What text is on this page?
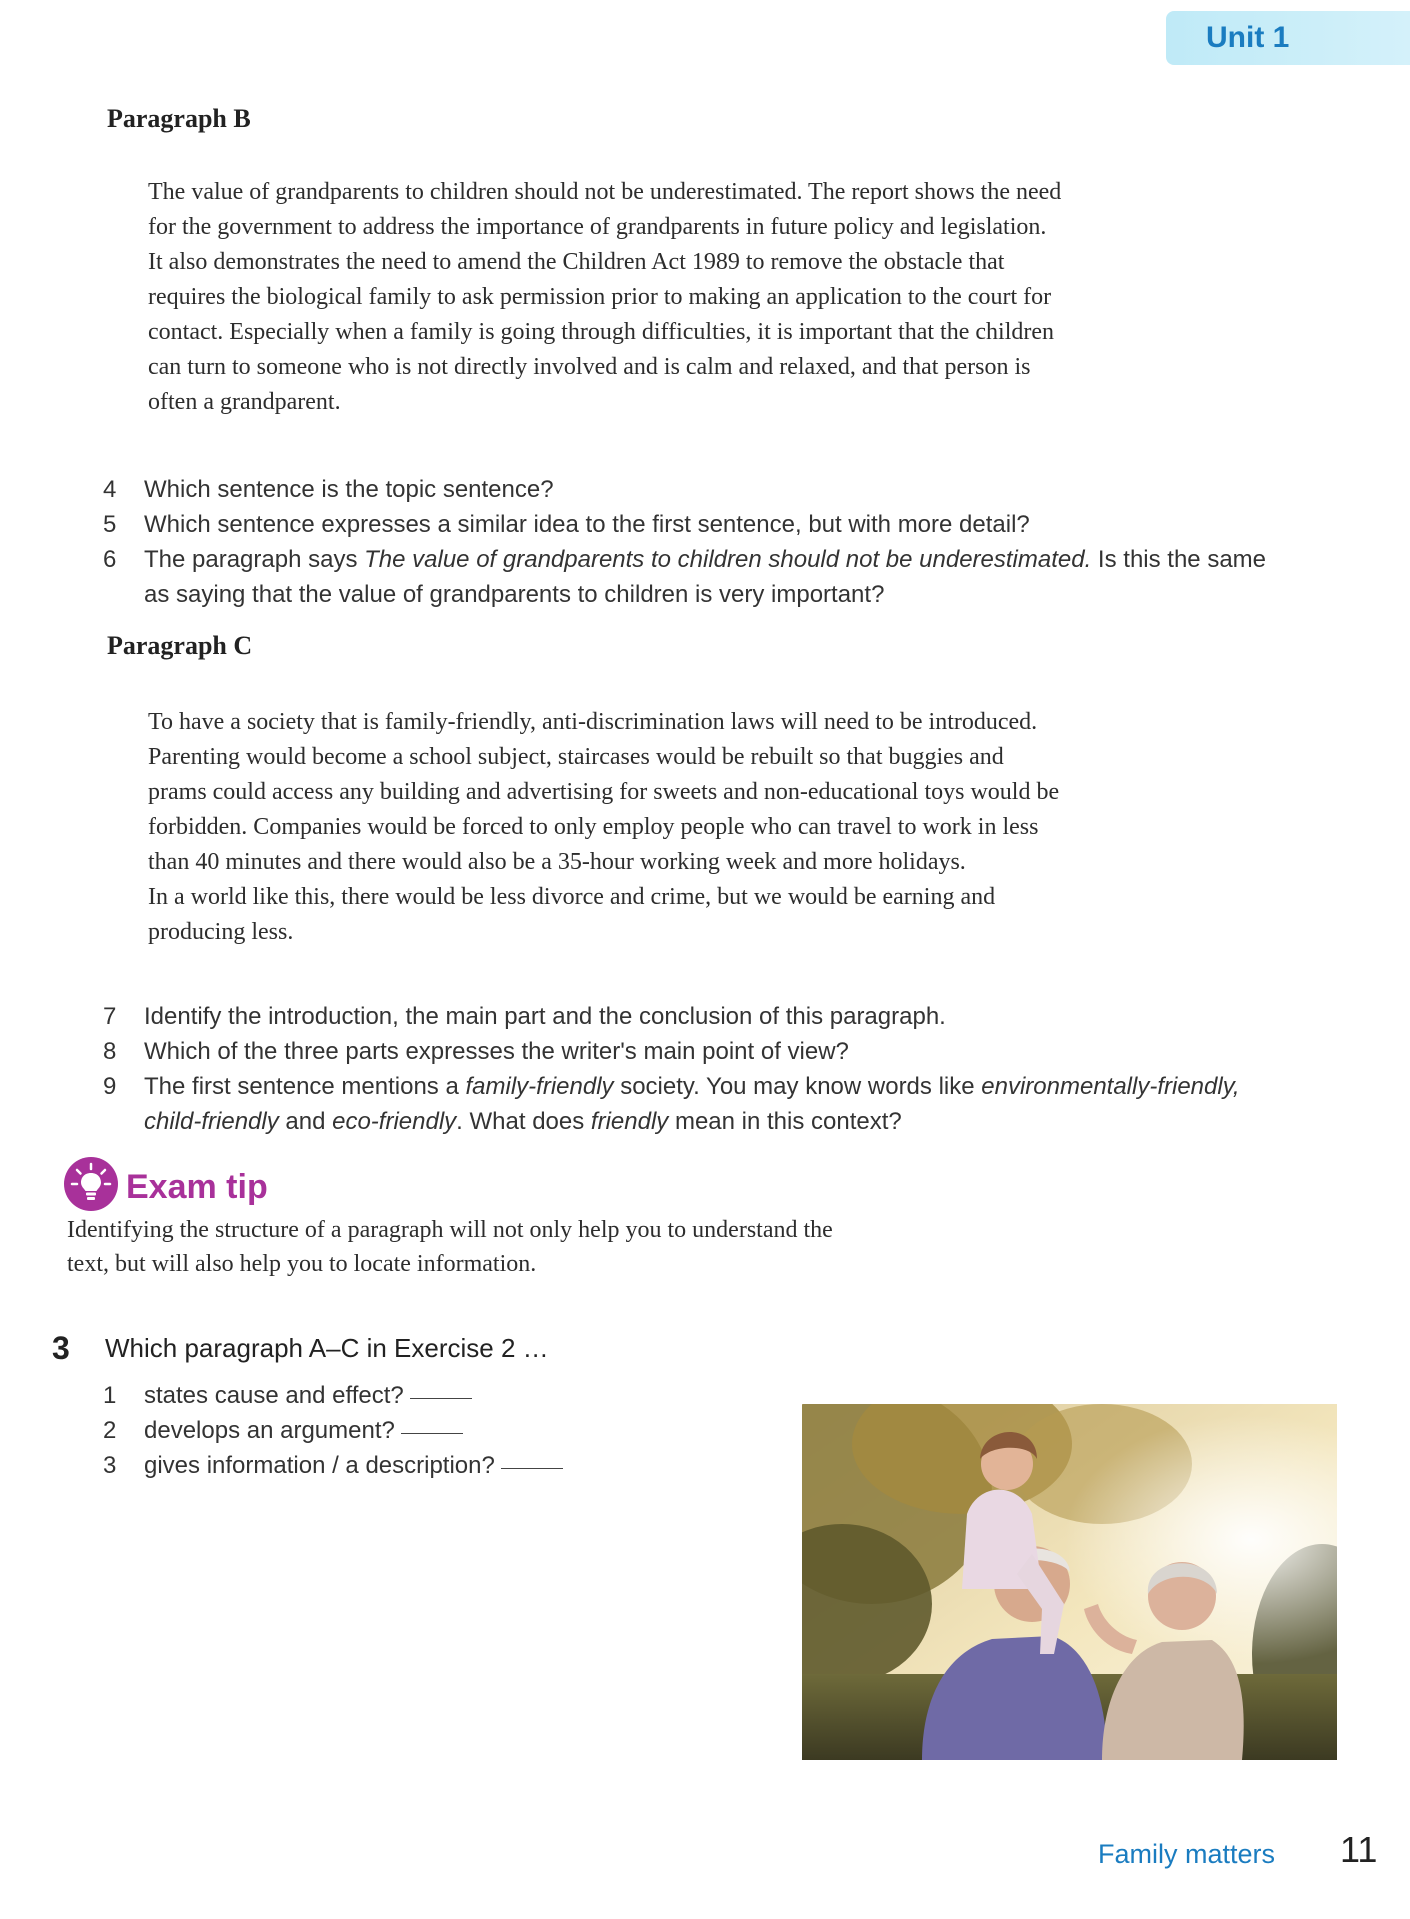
Unit 1
Paragraph B

The value of grandparents to children should not be underestimated. The report shows the need

for the government to address the importance of grandparents in future policy and legislation.

It also demonstrates the need to amend the Children Act 1989 to remove the obstacle that

requires the biological family to ask permission prior to making an application to the court for

contact. Especially when a family is going through difficulties, it is important that the children

can turn to someone who is not directly involved and is calm and relaxed, and that person is

often a grandparent.

4 Which sentence is the topic sentence?
5 Which sentence expresses a similar idea to the first sentence, but with more detail?
6 The paragraph says The value of grandparents to children should not be underestimated. Is this the same
as saying that the value of grandparents to children is very important?
Paragraph C

To have a society that is family-friendly, anti-discrimination laws will need to be introduced.

Parenting would become a school subject, staircases would be rebuilt so that buggies and

prams could access any building and advertising for sweets and non-educational toys would be

forbidden. Companies would be forced to only employ people who can travel to work in less

than 40 minutes and there would also be a 35-hour working week and more holidays.

In a world like this, there would be less divorce and crime, but we would be earning and

producing less.

7 Identify the introduction, the main part and the conclusion of this paragraph.
8 Which of the three parts expresses the writer's main point of view?
9 The first sentence mentions a family-friendly society. You may know words like environmentally-friendly,
child-friendly and eco-friendly. What does friendly mean in this context?
Exam tip
Identifying the structure of a paragraph will not only help you to understand the
text, but will also help you to locate information.
3 Which paragraph A–C in Exercise 2 …
1 states cause and effect?
2 develops an argument?
3 gives information / a description?
Family matters 11
